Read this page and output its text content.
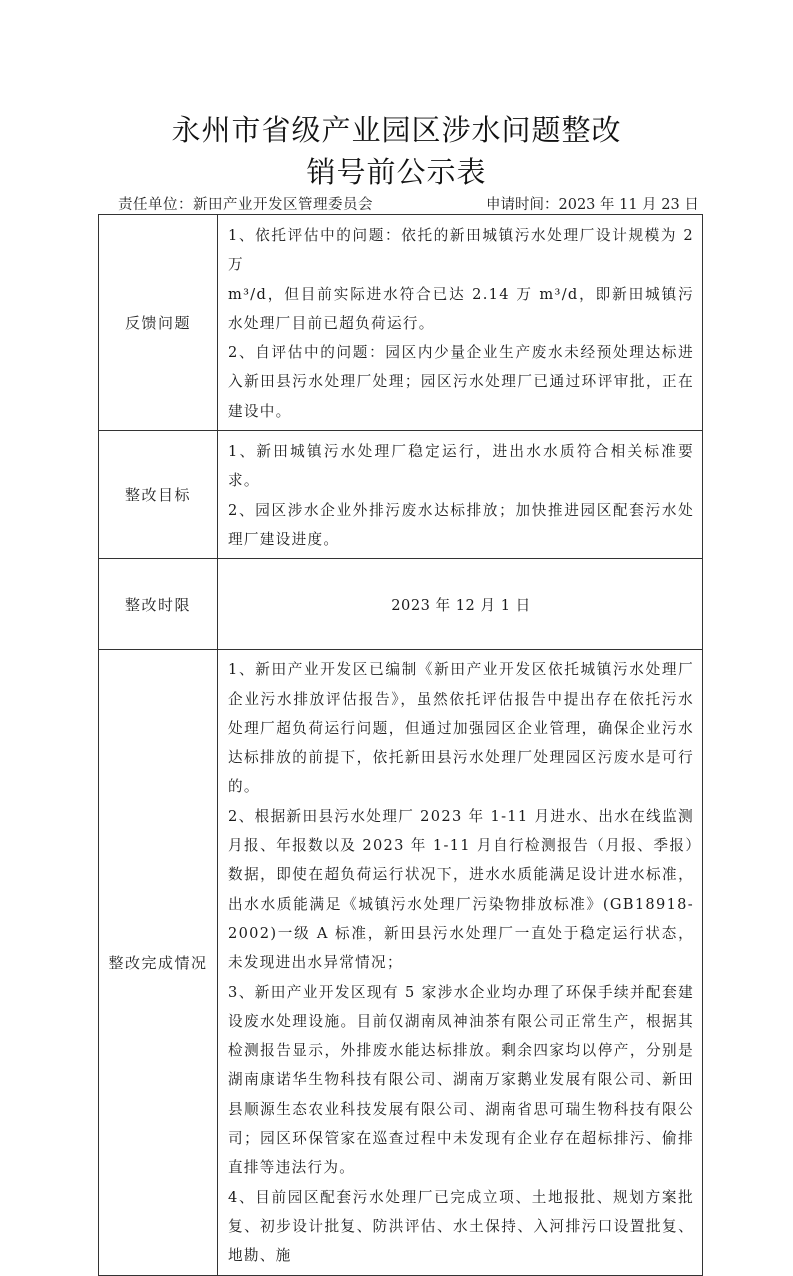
永州市省级产业园区涉水问题整改
销号前公示表
责任单位：新田产业开发区管理委员会	申请时间：2023 年 11 月 23 日
反馈问题	1、依托评估中的问题：依托的新田城镇污水处理厂设计规模为 2 万

m³/d，但目前实际进水符合已达 2.14 万 m³/d，即新田城镇污水处理厂目前已超负荷运行。

2、自评估中的问题：园区内少量企业生产废水未经预处理达标进入新田县污水处理厂处理；园区污水处理厂已通过环评审批，正在建设中。

整改目标	1、新田城镇污水处理厂稳定运行，进出水水质符合相关标准要求。

2、园区涉水企业外排污废水达标排放；加快推进园区配套污水处理厂建设进度。

整改时限	2023 年 12 月 1 日
整改完成情况	1、新田产业开发区已编制《新田产业开发区依托城镇污水处理厂企业污水排放评估报告》，虽然依托评估报告中提出存在依托污水处理厂超负荷运行问题，但通过加强园区企业管理，确保企业污水达标排放的前提下，依托新田县污水处理厂处理园区污废水是可行的。

2、根据新田县污水处理厂 2023 年 1-11 月进水、出水在线监测月报、年报数以及 2023 年 1-11 月自行检测报告（月报、季报）数据，即使在超负荷运行状况下，进水水质能满足设计进水标准，出水水质能满足《城镇污水处理厂污染物排放标准》(GB18918-2002)一级 A 标准，新田县污水处理厂一直处于稳定运行状态，未发现进出水异常情况；

3、新田产业开发区现有 5 家涉水企业均办理了环保手续并配套建设废水处理设施。目前仅湖南凤神油茶有限公司正常生产，根据其检测报告显示，外排废水能达标排放。剩余四家均以停产，分别是湖南康诺华生物科技有限公司、湖南万家鹅业发展有限公司、新田县顺源生态农业科技发展有限公司、湖南省思可瑞生物科技有限公司；园区环保管家在巡查过程中未发现有企业存在超标排污、偷排直排等违法行为。

4、目前园区配套污水处理厂已完成立项、土地报批、规划方案批复、初步设计批复、防洪评估、水土保持、入河排污口设置批复、地勘、施
